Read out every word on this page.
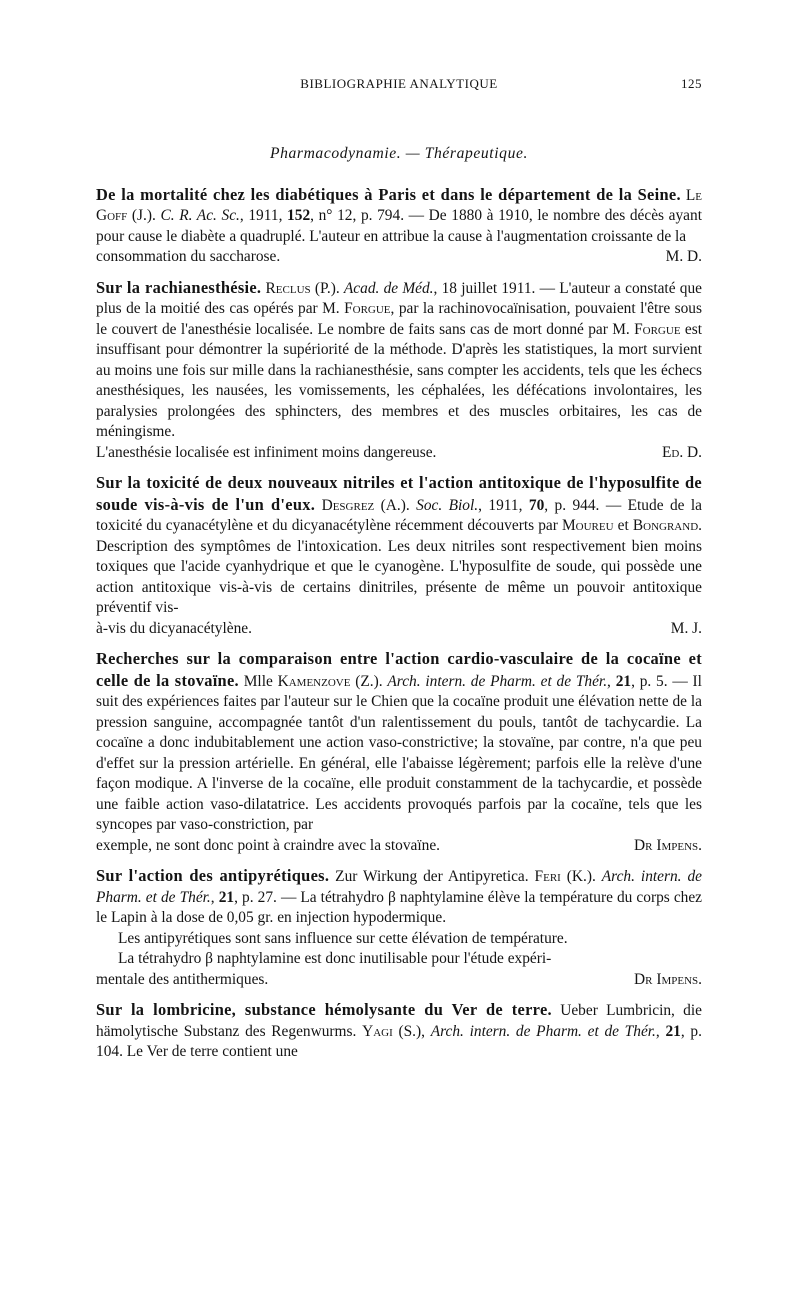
BIBLIOGRAPHIE ANALYTIQUE	125
Pharmacodynamie. — Thérapeutique.

De la mortalité chez les diabétiques à Paris et dans le département de la Seine. Le Goff (J.). C. R. Ac. Sc., 1911, 152, n° 12, p. 794. — De 1880 à 1910, le nombre des décès ayant pour cause le diabète a quadruplé. L'auteur en attribue la cause à l'augmentation croissante de la

consommation du saccharose.	M. D.

Sur la rachianesthésie. Reclus (P.). Acad. de Méd., 18 juillet 1911. — L'auteur a constaté que plus de la moitié des cas opérés par M. Forgue, par la rachinovocaïnisation, pouvaient l'être sous le couvert de l'anesthésie localisée. Le nombre de faits sans cas de mort donné par M. Forgue est insuffisant pour démontrer la supériorité de la méthode. D'après les statistiques, la mort survient au moins une fois sur mille dans la rachianesthésie, sans compter les accidents, tels que les échecs anesthésiques, les nausées, les vomissements, les céphalées, les défécations involontaires, les paralysies prolongées des sphincters, des membres et des muscles orbitaires, les cas de méningisme.

L'anesthésie localisée est infiniment moins dangereuse.	Ed. D.

Sur la toxicité de deux nouveaux nitriles et l'action antitoxique de l'hyposulfite de soude vis-à-vis de l'un d'eux. Desgrez (A.). Soc. Biol., 1911, 70, p. 944. — Etude de la toxicité du cyanacétylène et du dicyanacétylène récemment découverts par Moureu et Bongrand. Description des symptômes de l'intoxication. Les deux nitriles sont respectivement bien moins toxiques que l'acide cyanhydrique et que le cyanogène. L'hyposulfite de soude, qui possède une action antitoxique vis-à-vis de certains dinitriles, présente de même un pouvoir antitoxique préventif vis-

à-vis du dicyanacétylène.	M. J.

Recherches sur la comparaison entre l'action cardio-vasculaire de la cocaïne et celle de la stovaïne. Mlle Kamenzove (Z.). Arch. intern. de Pharm. et de Thér., 21, p. 5. — Il suit des expériences faites par l'auteur sur le Chien que la cocaïne produit une élévation nette de la pression sanguine, accompagnée tantôt d'un ralentissement du pouls, tantôt de tachycardie. La cocaïne a donc indubitablement une action vaso-constrictive; la stovaïne, par contre, n'a que peu d'effet sur la pression artérielle. En général, elle l'abaisse légèrement; parfois elle la relève d'une façon modique. A l'inverse de la cocaïne, elle produit constamment de la tachycardie, et possède une faible action vaso-dilatatrice. Les accidents provoqués parfois par la cocaïne, tels que les syncopes par vaso-constriction, par

exemple, ne sont donc point à craindre avec la stovaïne.	Dr Impens.

Sur l'action des antipyrétiques. Zur Wirkung der Antipyretica. Feri (K.). Arch. intern. de Pharm. et de Thér., 21, p. 27. — La tétrahydro β naphtylamine élève la température du corps chez le Lapin à la dose de 0,05 gr. en injection hypodermique.

Les antipyrétiques sont sans influence sur cette élévation de température.

La tétrahydro β naphtylamine est donc inutilisable pour l'étude expéri-

mentale des antithermiques.	Dr Impens.

Sur la lombricine, substance hémolysante du Ver de terre. Ueber Lumbricin, die hämolytische Substanz des Regenwurms. Yagi (S.), Arch. intern. de Pharm. et de Thér., 21, p. 104. Le Ver de terre contient une
